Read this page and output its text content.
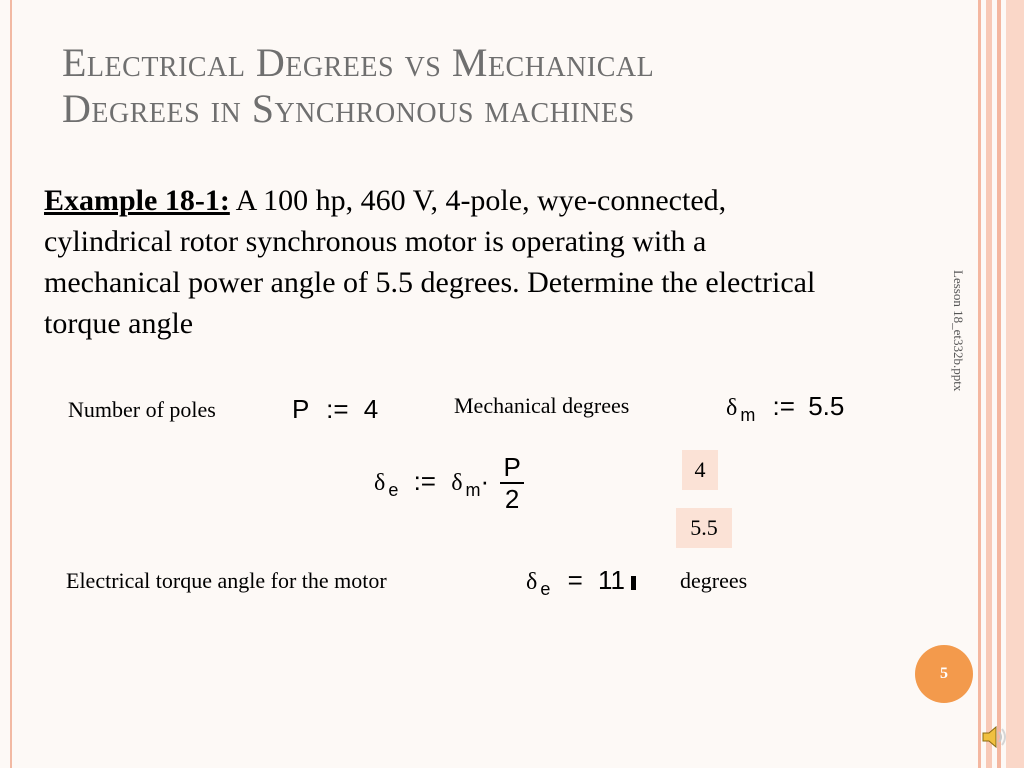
Electrical Degrees vs Mechanical
Degrees in Synchronous machines
Example 18-1: A 100 hp, 460 V, 4-pole, wye-connected, cylindrical rotor synchronous motor is operating with a mechanical power angle of 5.5 degrees. Determine the electrical torque angle	Lesson 18_et332b.pptx
Number of poles	P := 4	Mechanical degrees	δ $_m$ := 5.5
δ $_e$ := δ $_m\cdot \frac{P}{2}$	4
5.5
Electrical torque angle for the motor	δ $_e$ = 11	degrees
5
